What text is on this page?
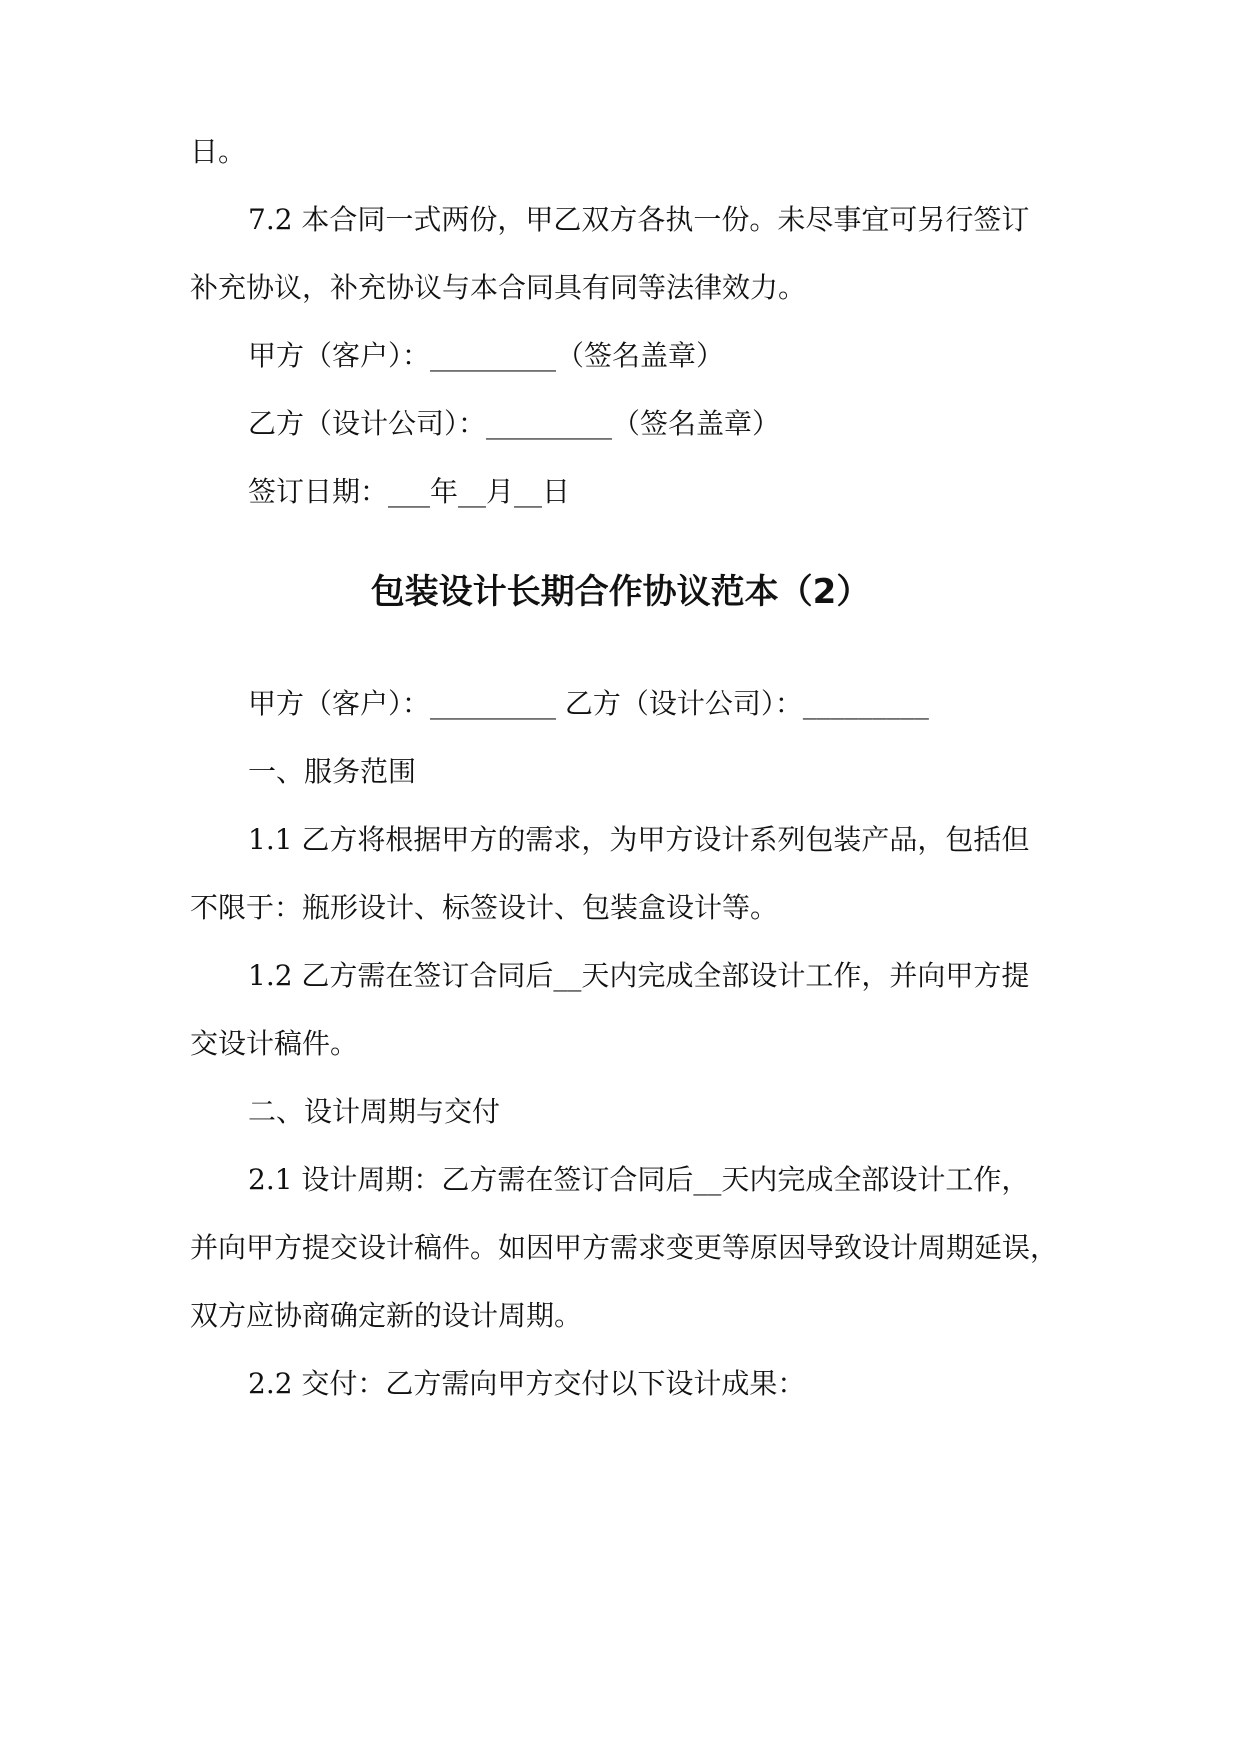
日。
7.2 本合同一式两份，甲乙双方各执一份。未尽事宜可另行签订
补充协议，补充协议与本合同具有同等法律效力。
甲方（客户）：_________（签名盖章）
乙方（设计公司）：_________（签名盖章）
签订日期：___年__月__日
包装设计长期合作协议范本（2）
甲方（客户）：_________ 乙方（设计公司）：_________
一、服务范围
1.1 乙方将根据甲方的需求，为甲方设计系列包装产品，包括但
不限于：瓶形设计、标签设计、包装盒设计等。
1.2 乙方需在签订合同后__天内完成全部设计工作，并向甲方提
交设计稿件。
二、设计周期与交付
2.1 设计周期：乙方需在签订合同后__天内完成全部设计工作，
并向甲方提交设计稿件。如因甲方需求变更等原因导致设计周期延误，
双方应协商确定新的设计周期。
2.2 交付：乙方需向甲方交付以下设计成果：
